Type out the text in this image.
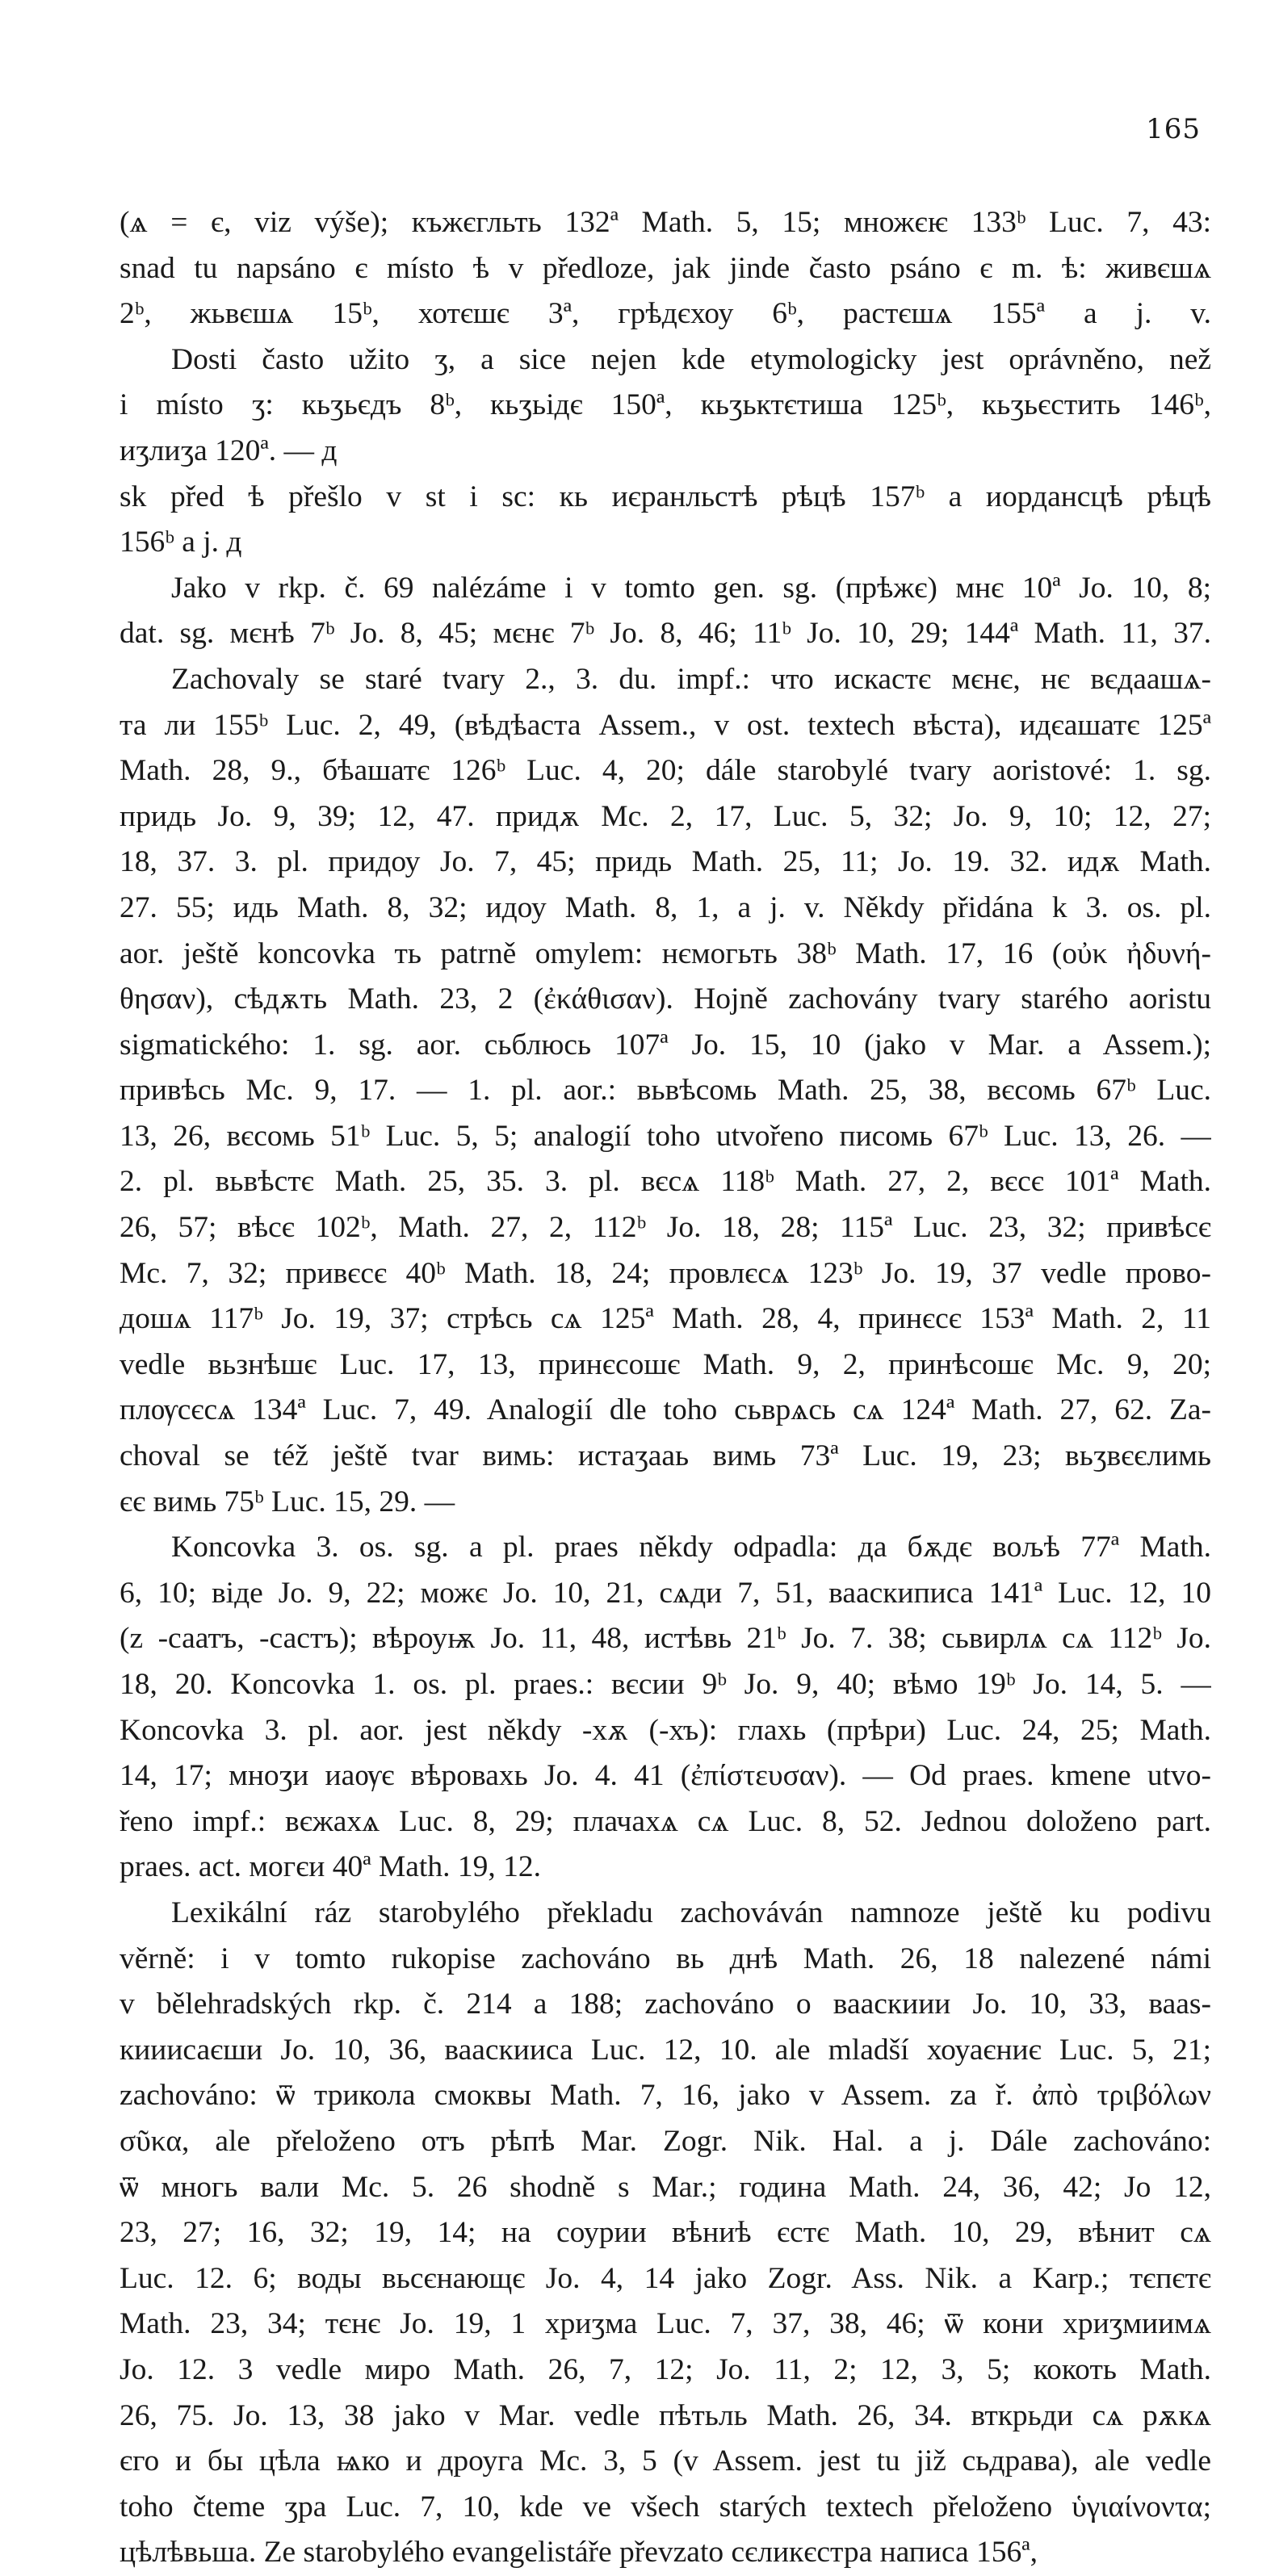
165
(ѧ = є, viz výše); къжєгльть 132ª Math. 5, 15; множєѥ 133ᵇ Luc. 7, 43:
snad tu napsáno є místo ѣ v předloze, jak jinde často psáno є m. ѣ: живєшѧ
2ᵇ, жьвєшѧ 15ᵇ, хотєшє 3ª, грѣдєхоу 6ᵇ, растєшѧ 155ª a j. v.
Dosti často užito ʒ, a sice nejen kde etymologicky jest oprávněno, než
i místo ʒ: кьʒьєдъ 8ᵇ, кьʒьідє 150ª, кьʒьктєтиша 125ᵇ, кьʒьєстить 146ᵇ,
иʒлиʒа 120ª. — д
sk před ѣ přešlo v st i sc: кь иєранльстѣ рѣцѣ 157ᵇ a иордансцѣ рѣцѣ
156ᵇ a j. д
Jako v rkp. č. 69 nalézáme i v tomto gen. sg. (прѣжє) мнє 10ª Jo. 10, 8;
dat. sg. мєнѣ 7ᵇ Jo. 8, 45; мєнє 7ᵇ Jo. 8, 46; 11ᵇ Jo. 10, 29; 144ª Math. 11, 37.
Zachovaly se staré tvary 2., 3. du. impf.: что искастє мєнє, нє вєдаашѧ-
та ли 155ᵇ Luc. 2, 49, (вѣдѣаста Assem., v ost. textech вѣста), идєашатє 125ª
Math. 28, 9., бѣашатє 126ᵇ Luc. 4, 20; dále starobylé tvary aoristové: 1. sg.
придь Jo. 9, 39; 12, 47. придѫ Mc. 2, 17, Luc. 5, 32; Jo. 9, 10; 12, 27;
18, 37. 3. pl. придоу Jo. 7, 45; придь Math. 25, 11; Jo. 19. 32. идѫ Math.
27. 55; идь Math. 8, 32; идоу Math. 8, 1, a j. v. Někdy přidána k 3. os. pl.
aor. ještě koncovka ть patrně omylem: нємогьть 38ᵇ Math. 17, 16 (οὐκ ἠδυνή-
θησαν), сѣдѫть Math. 23, 2 (ἐκάθισαν). Hojně zachovány tvary starého aoristu
sigmatického: 1. sg. aor. сьблюсь 107ª Jo. 15, 10 (jako v Mar. a Assem.);
привѣсь Mc. 9, 17. — 1. pl. aor.: вьвѣсомь Math. 25, 38, вєсомь 67ᵇ Luc.
13, 26, вєсомь 51ᵇ Luc. 5, 5; analogií toho utvořeno писомь 67ᵇ Luc. 13, 26. —
2. pl. вьвѣстє Math. 25, 35. 3. pl. вєсѧ 118ᵇ Math. 27, 2, вєсє 101ª Math.
26, 57; вѣсє 102ᵇ, Math. 27, 2, 112ᵇ Jo. 18, 28; 115ª Luc. 23, 32; привѣсє
Mc. 7, 32; привєсє 40ᵇ Math. 18, 24; провлєсѧ 123ᵇ Jo. 19, 37 vedle прово-
дошѧ 117ᵇ Jo. 19, 37; стрѣсь сѧ 125ª Math. 28, 4, принєсє 153ª Math. 2, 11
vedle вьзнѣшє Luc. 17, 13, принєсошє Math. 9, 2, принѣсошє Mc. 9, 20;
плѹсєсѧ 134ª Luc. 7, 49. Analogií dle toho сьврѧсь сѧ 124ª Math. 27, 62. Za-
choval se též ještě tvar вимь: истаʒааь вимь 73ª Luc. 19, 23; вьʒвєєлимь
єє вимь 75ᵇ Luc. 15, 29. —
Koncovka 3. os. sg. a pl. praes někdy odpadla: да бѫдє вољѣ 77ª Math.
6, 10; віде Jo. 9, 22; можє Jo. 10, 21, сѧди 7, 51, вааскиписа 141ª Luc. 12, 10
(z -саатъ, -састъ); вѣроуѭ Jo. 11, 48, истѣвь 21ᵇ Jo. 7. 38; сьвирлѧ сѧ 112ᵇ Jo.
18, 20. Koncovka 1. os. pl. praes.: вєсии 9ᵇ Jo. 9, 40; вѣмо 19ᵇ Jo. 14, 5. —
Koncovka 3. pl. aor. jest někdy -хѫ (-хъ): глахь (прѣри) Luc. 24, 25; Math.
14, 17; мноʒи иаѹє вѣровахь Jo. 4. 41 (ἐπίστευσαν). — Od praes. kmene utvo-
řeno impf.: вєжахѧ Luc. 8, 29; плачахѧ сѧ Luc. 8, 52. Jednou doloženo part.
praes. act. могєи 40ª Math. 19, 12.
Lexikální ráz starobylého překladu zachováván namnoze ještě ku podivu
věrně: i v tomto rukopise zachováno вь днѣ Math. 26, 18 nalezené námi
v bělehradských rkp. č. 214 a 188; zachováno о вааскиии Jo. 10, 33, вааѕ-
кииисаєши Jo. 10, 36, вааскииса Luc. 12, 10. ale mladší хоуаєниє Luc. 5, 21;
zachováno: ѿ трикола смоквы Math. 7, 16, jako v Assem. za ř. ἀπὸ τριβόλων
σῦκα, ale přeloženo отъ рѣпѣ Mar. Zogr. Nik. Hal. a j. Dále zachováno:
ѿ многь вали Mc. 5. 26 shodně s Mar.; година Math. 24, 36, 42; Jo 12,
23, 27; 16, 32; 19, 14; на соурии вѣниѣ єстє Math. 10, 29, вѣнит сѧ
Luc. 12. 6; воды вьсєнающє Jo. 4, 14 jako Zogr. Ass. Nik. a Karp.; тєпєтє
Math. 23, 34; тєнє Jo. 19, 1 хриʒма Luc. 7, 37, 38, 46; ѿ кони хриʒмиимѧ
Jo. 12. 3 vedle миро Math. 26, 7, 12; Jo. 11, 2; 12, 3, 5; кокоть Math.
26, 75. Jo. 13, 38 jako v Mar. vedle пѣтьль Math. 26, 34. вткрьди сѧ рѫкѧ
єго и бы цѣла ѩко и дроуга Mc. 3, 5 (v Assem. jest tu již сьдрава), ale vedle
toho čteme ʒра Luc. 7, 10, kde ve všech starých textech přeloženo ὑγιαίνοντα;
цѣлѣвьша. Ze starobylého evangelistáře převzato сєликєстра написа 156ª,
